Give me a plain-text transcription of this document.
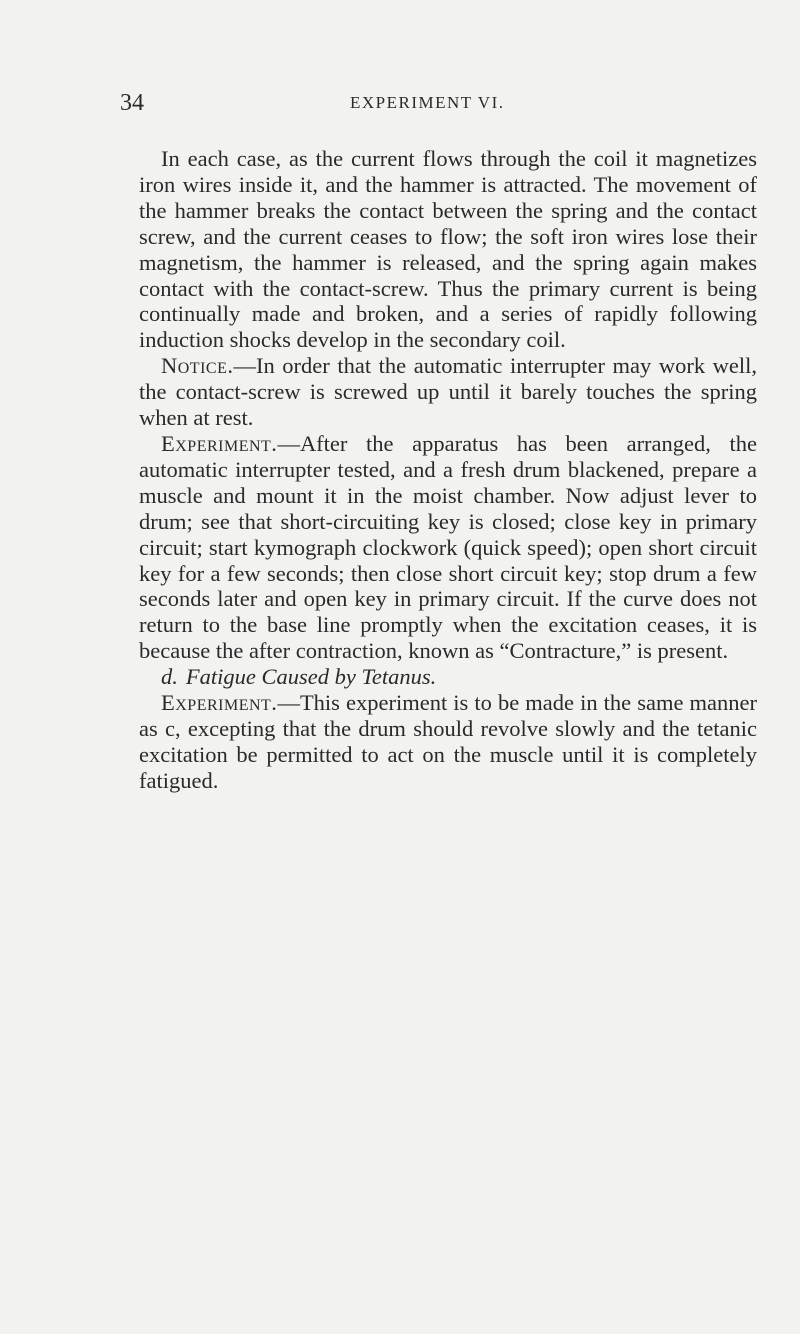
34	EXPERIMENT VI.

In each case, as the current flows through the coil it magnetizes iron wires inside it, and the hammer is attracted. The movement of the hammer breaks the contact between the spring and the contact screw, and the current ceases to flow; the soft iron wires lose their magnetism, the hammer is released, and the spring again makes contact with the contact-screw. Thus the primary current is being continually made and broken, and a series of rapidly following induction shocks develop in the secondary coil.

Notice.—In order that the automatic interrupter may work well, the contact-screw is screwed up until it barely touches the spring when at rest.

Experiment.—After the apparatus has been arranged, the automatic interrupter tested, and a fresh drum blackened, prepare a muscle and mount it in the moist chamber. Now adjust lever to drum; see that short-circuiting key is closed; close key in primary circuit; start kymograph clockwork (quick speed); open short circuit key for a few seconds; then close short circuit key; stop drum a few seconds later and open key in primary circuit. If the curve does not return to the base line promptly when the excitation ceases, it is because the after contraction, known as “Contracture,” is present.

d. Fatigue Caused by Tetanus.

Experiment.—This experiment is to be made in the same manner as c, excepting that the drum should revolve slowly and the tetanic excitation be permitted to act on the muscle until it is completely fatigued.
